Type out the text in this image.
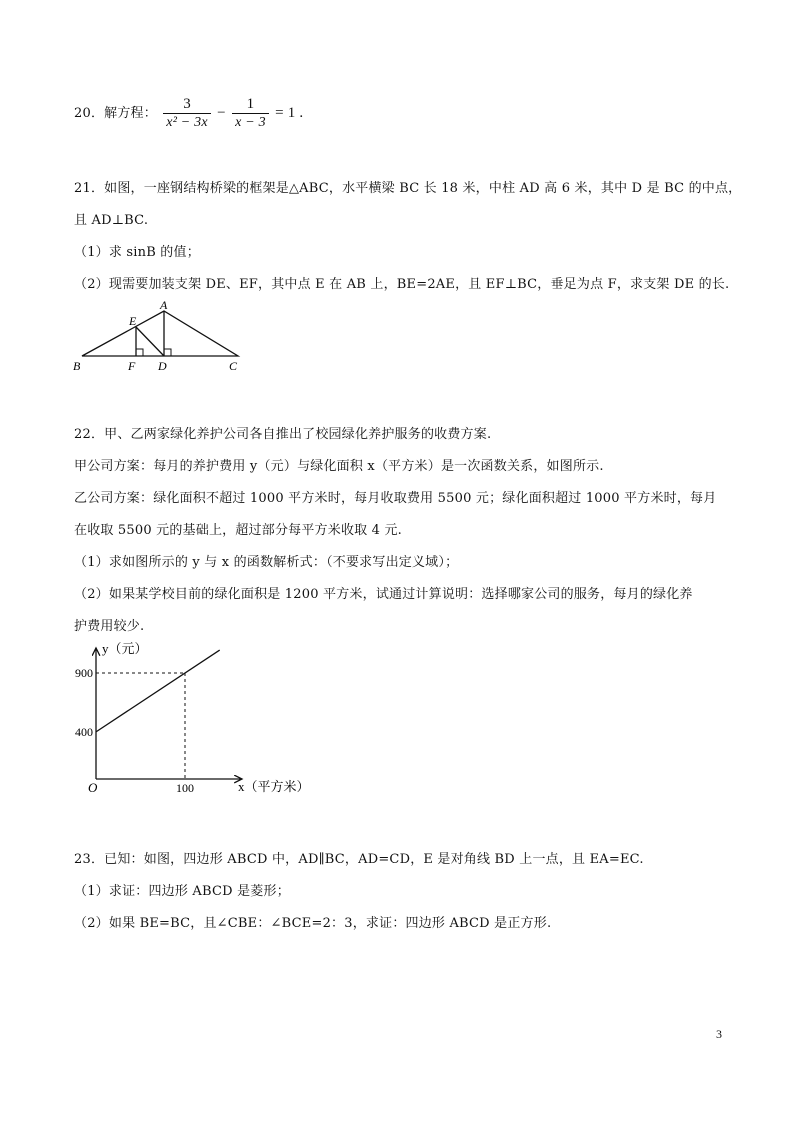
20．解方程： $\frac{3}{\text{x² − 3x}} - \frac{1}{x - 3} = 1$ .
21．如图，一座钢结构桥梁的框架是△ABC，水平横梁 BC 长 18 米，中柱 AD 高 6 米，其中 D 是 BC 的中点，
且 AD⊥BC.
（1）求 sinB 的值；
（2）现需要加装支架 DE、EF，其中点 E 在 AB 上，BE=2AE，且 EF⊥BC，垂足为点 F，求支架 DE 的长.
A
E
B	F D	C
22．甲、乙两家绿化养护公司各自推出了校园绿化养护服务的收费方案.
甲公司方案：每月的养护费用 y（元）与绿化面积 x（平方米）是一次函数关系，如图所示.
乙公司方案：绿化面积不超过 1000 平方米时，每月收取费用 5500 元；绿化面积超过 1000 平方米时，每月
在收取 5500 元的基础上，超过部分每平方米收取 4 元.
（1）求如图所示的 y 与 x 的函数解析式：（不要求写出定义域）；
（2）如果某学校目前的绿化面积是 1200 平方米，试通过计算说明：选择哪家公司的服务，每月的绿化养
护费用较少.
y（元）
x（平方米）
O
900
400
100
23．已知：如图，四边形 ABCD 中，AD∥BC，AD=CD，E 是对角线 BD 上一点，且 EA=EC.
（1）求证：四边形 ABCD 是菱形；
（2）如果 BE=BC，且∠CBE：∠BCE=2：3，求证：四边形 ABCD 是正方形.
3
